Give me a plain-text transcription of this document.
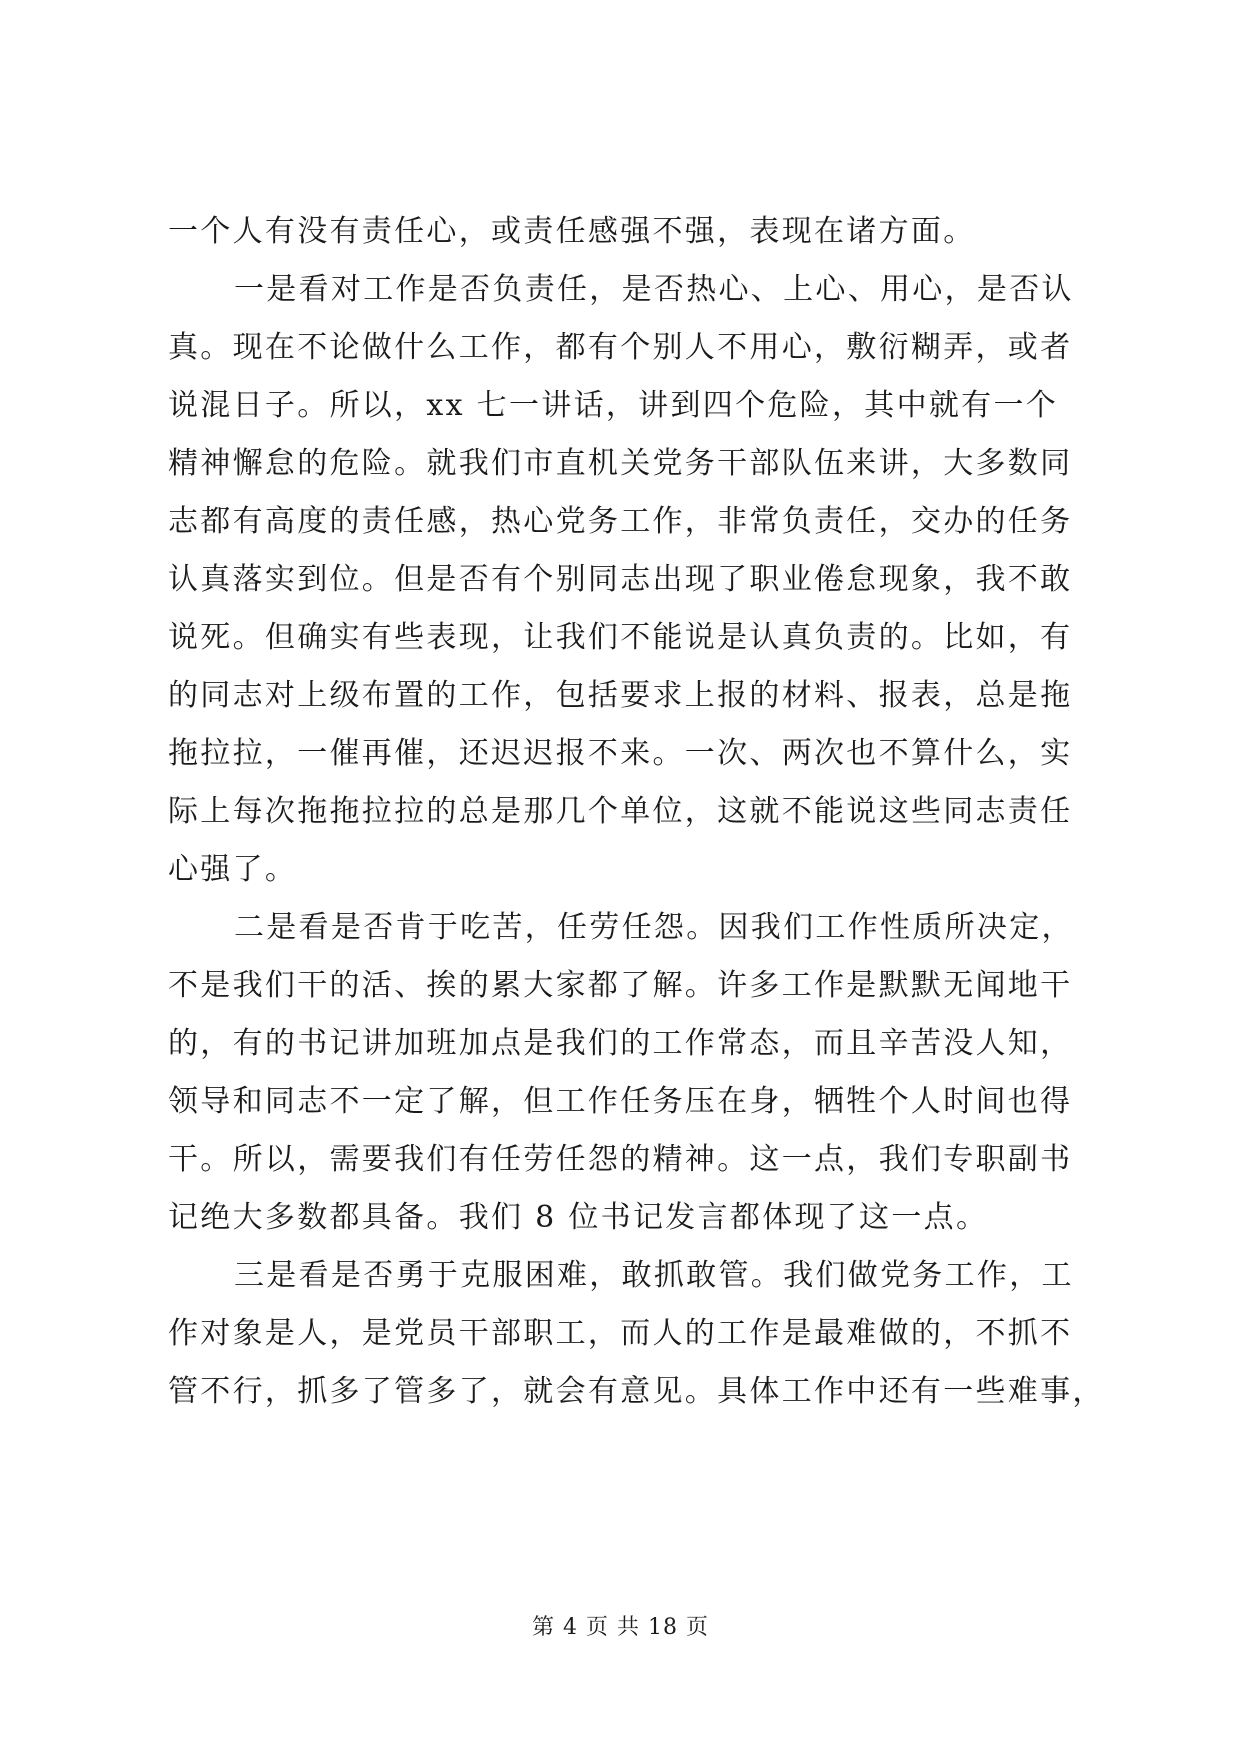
一个人有没有责任心，或责任感强不强，表现在诸方面。
一是看对工作是否负责任，是否热心、上心、用心，是否认
真。现在不论做什么工作，都有个别人不用心，敷衍糊弄，或者
说混日子。所以，xx 七一讲话，讲到四个危险，其中就有一个
精神懈怠的危险。就我们市直机关党务干部队伍来讲，大多数同
志都有高度的责任感，热心党务工作，非常负责任，交办的任务
认真落实到位。但是否有个别同志出现了职业倦怠现象，我不敢
说死。但确实有些表现，让我们不能说是认真负责的。比如，有
的同志对上级布置的工作，包括要求上报的材料、报表，总是拖
拖拉拉，一催再催，还迟迟报不来。一次、两次也不算什么，实
际上每次拖拖拉拉的总是那几个单位，这就不能说这些同志责任
心强了。
二是看是否肯于吃苦，任劳任怨。因我们工作性质所决定，
不是我们干的活、挨的累大家都了解。许多工作是默默无闻地干
的，有的书记讲加班加点是我们的工作常态，而且辛苦没人知，
领导和同志不一定了解，但工作任务压在身，牺牲个人时间也得
干。所以，需要我们有任劳任怨的精神。这一点，我们专职副书
记绝大多数都具备。我们 8 位书记发言都体现了这一点。
三是看是否勇于克服困难，敢抓敢管。我们做党务工作，工
作对象是人，是党员干部职工，而人的工作是最难做的，不抓不
管不行，抓多了管多了，就会有意见。具体工作中还有一些难事，
第 4 页 共 18 页
